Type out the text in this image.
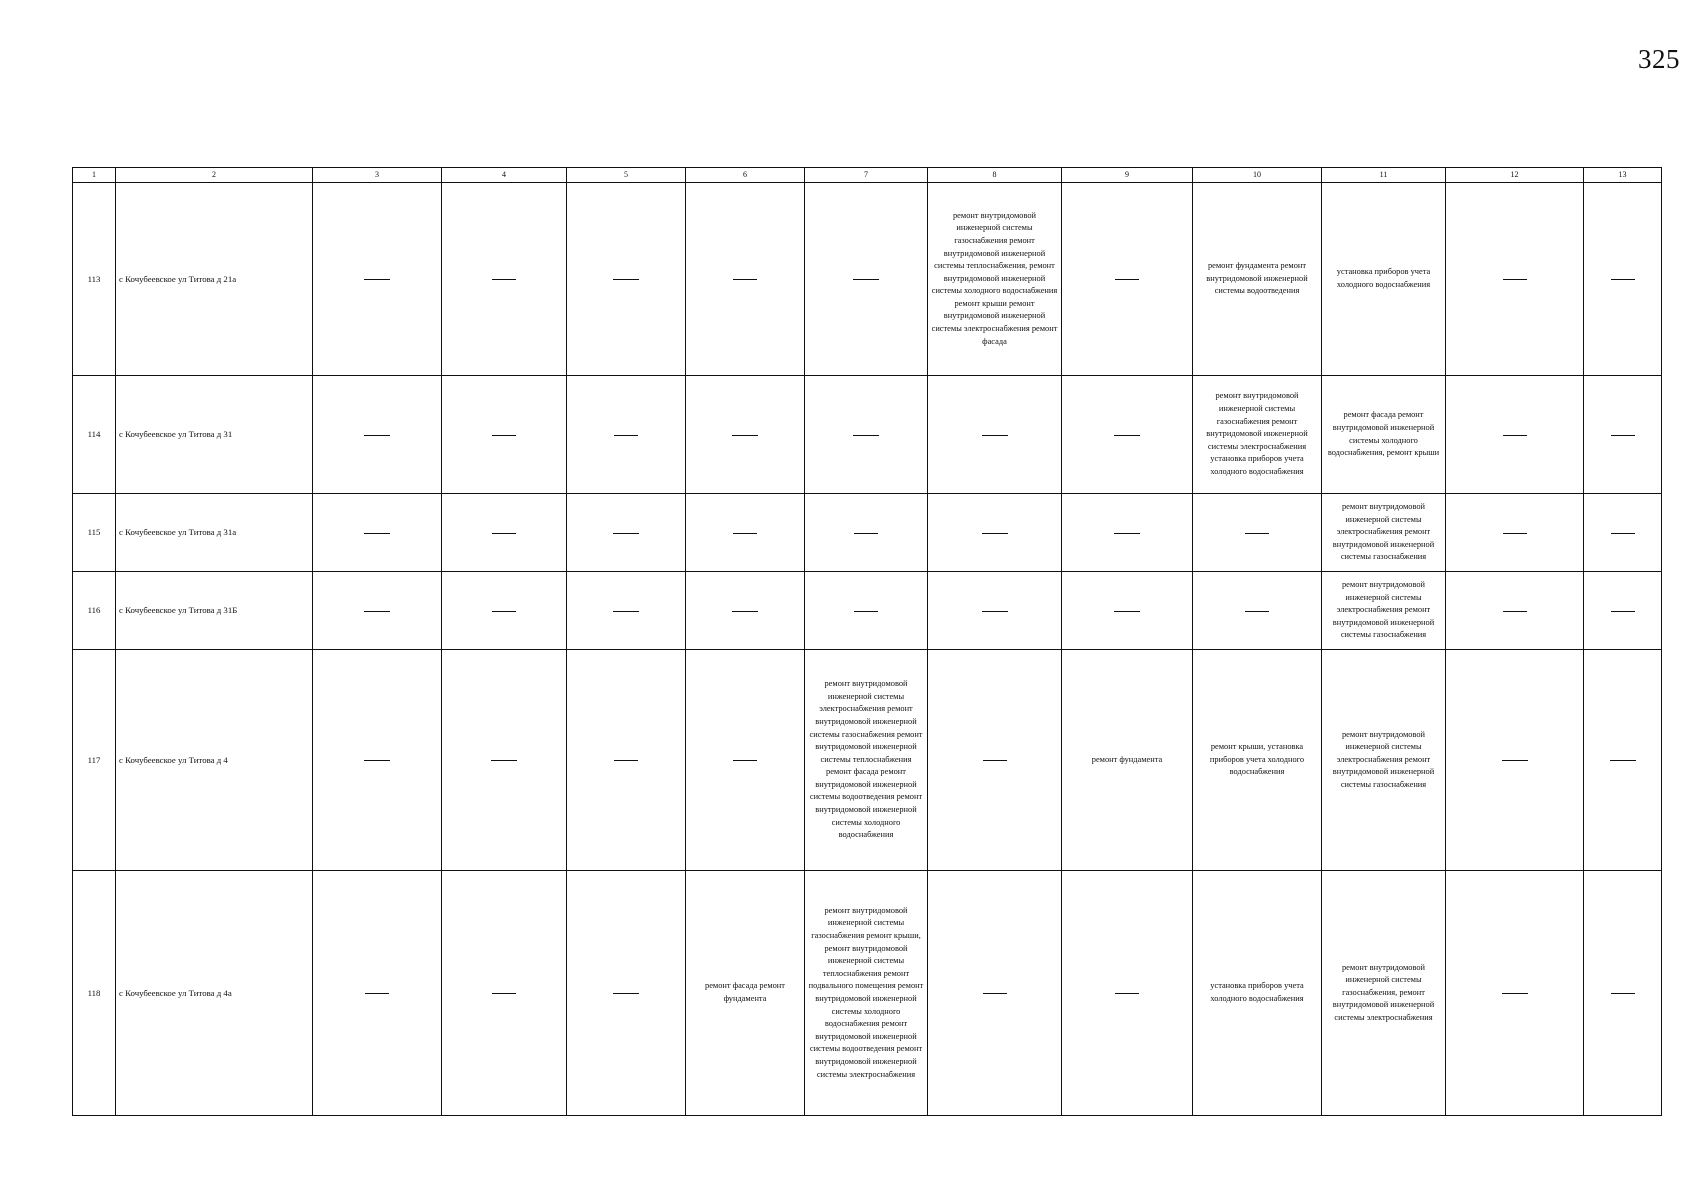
325
1	2	3	4	5	6	7	8	9	10	11	12	13
113	с Кочубеевское ул Титова д 21а						ремонт внутридомовой инженерной системы газоснабжения ремонт внутридомовой инженерной системы теплоснабжения, ремонт внутридомовой инженерной системы холодного водоснабжения ремонт крыши ремонт внутридомовой инженерной системы электроснабжения ремонт фасада		ремонт фундамента ремонт внутридомовой инженерной системы водоотведения	установка приборов учета холодного водоснабжения		

114	с Кочубеевское ул Титова д 31								ремонт внутридомовой инженерной системы газоснабжения ремонт внутридомовой инженерной системы электроснабжения установка приборов учета холодного водоснабжения	ремонт фасада ремонт внутридомовой инженерной системы холодного водоснабжения, ремонт крыши		

115	с Кочубеевское ул Титова д 31а									ремонт внутридомовой инженерной системы электроснабжения ремонт внутридомовой инженерной системы газоснабжения		

116	с Кочубеевское ул Титова д 31Б									ремонт внутридомовой инженерной системы электроснабжения ремонт внутридомовой инженерной системы газоснабжения		

117	с Кочубеевское ул Титова д 4					ремонт внутридомовой инженерной системы электроснабжения ремонт внутридомовой инженерной системы газоснабжения ремонт внутридомовой инженерной системы теплоснабжения ремонт фасада ремонт внутридомовой инженерной системы водоотведения ремонт внутридомовой инженерной системы холодного водоснабжения		ремонт фундамента	ремонт крыши, установка приборов учета холодного водоснабжения	ремонт внутридомовой инженерной системы электроснабжения ремонт внутридомовой инженерной системы газоснабжения		

118	с Кочубеевское ул Титова д 4а				ремонт фасада ремонт фундамента	ремонт внутридомовой инженерной системы газоснабжения ремонт крыши, ремонт внутридомовой инженерной системы теплоснабжения ремонт подвального помещения ремонт внутридомовой инженерной системы холодного водоснабжения ремонт внутридомовой инженерной системы водоотведения ремонт внутридомовой инженерной системы электроснабжения			установка приборов учета холодного водоснабжения	ремонт внутридомовой инженерной системы газоснабжения, ремонт внутридомовой инженерной системы электроснабжения		
